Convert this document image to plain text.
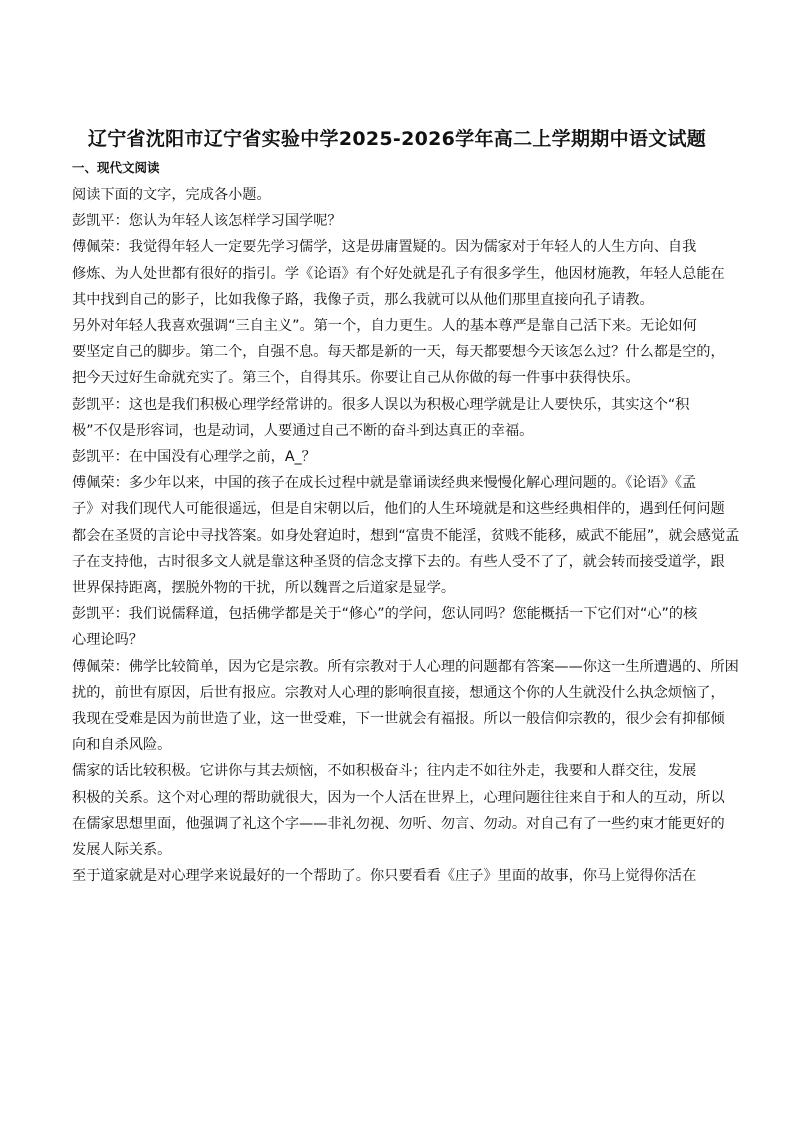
辽宁省沈阳市辽宁省实验中学2025-2026学年高二上学期期中语文试题
一、现代文阅读

阅读下面的文字，完成各小题。

彭凯平：您认为年轻人该怎样学习国学呢？

傅佩荣：我觉得年轻人一定要先学习儒学，这是毋庸置疑的。因为儒家对于年轻人的人生方向、自我
修炼、为人处世都有很好的指引。学《论语》有个好处就是孔子有很多学生，他因材施教，年轻人总能在
其中找到自己的影子，比如我像子路，我像子贡，那么我就可以从他们那里直接向孔子请教。

另外对年轻人我喜欢强调“三自主义”。第一个，自力更生。人的基本尊严是靠自己活下来。无论如何
要坚定自己的脚步。第二个，自强不息。每天都是新的一天，每天都要想今天该怎么过？什么都是空的，
把今天过好生命就充实了。第三个，自得其乐。你要让自己从你做的每一件事中获得快乐。

彭凯平：这也是我们积极心理学经常讲的。很多人误以为积极心理学就是让人要快乐，其实这个“积
极”不仅是形容词，也是动词，人要通过自己不断的奋斗到达真正的幸福。

彭凯平：在中国没有心理学之前，A_？

傅佩荣：多少年以来，中国的孩子在成长过程中就是靠诵读经典来慢慢化解心理问题的。《论语》《孟
子》对我们现代人可能很遥远，但是自宋朝以后，他们的人生环境就是和这些经典相伴的，遇到任何问题
都会在圣贤的言论中寻找答案。如身处窘迫时，想到“富贵不能淫，贫贱不能移，威武不能屈”，就会感觉孟
子在支持他，古时很多文人就是靠这种圣贤的信念支撑下去的。有些人受不了了，就会转而接受道学，跟
世界保持距离，摆脱外物的干扰，所以魏晋之后道家是显学。

彭凯平：我们说儒释道，包括佛学都是关于“修心”的学问，您认同吗？您能概括一下它们对“心”的核
心理论吗？

傅佩荣：佛学比较简单，因为它是宗教。所有宗教对于人心理的问题都有答案——你这一生所遭遇的、所困
扰的，前世有原因，后世有报应。宗教对人心理的影响很直接，想通这个你的人生就没什么执念烦恼了，
我现在受难是因为前世造了业，这一世受难，下一世就会有福报。所以一般信仰宗教的，很少会有抑郁倾
向和自杀风险。

儒家的话比较积极。它讲你与其去烦恼，不如积极奋斗；往内走不如往外走，我要和人群交往，发展
积极的关系。这个对心理的帮助就很大，因为一个人活在世界上，心理问题往往来自于和人的互动，所以
在儒家思想里面，他强调了礼这个字——非礼勿视、勿听、勿言、勿动。对自己有了一些约束才能更好的
发展人际关系。

至于道家就是对心理学来说最好的一个帮助了。你只要看看《庄子》里面的故事，你马上觉得你活在
